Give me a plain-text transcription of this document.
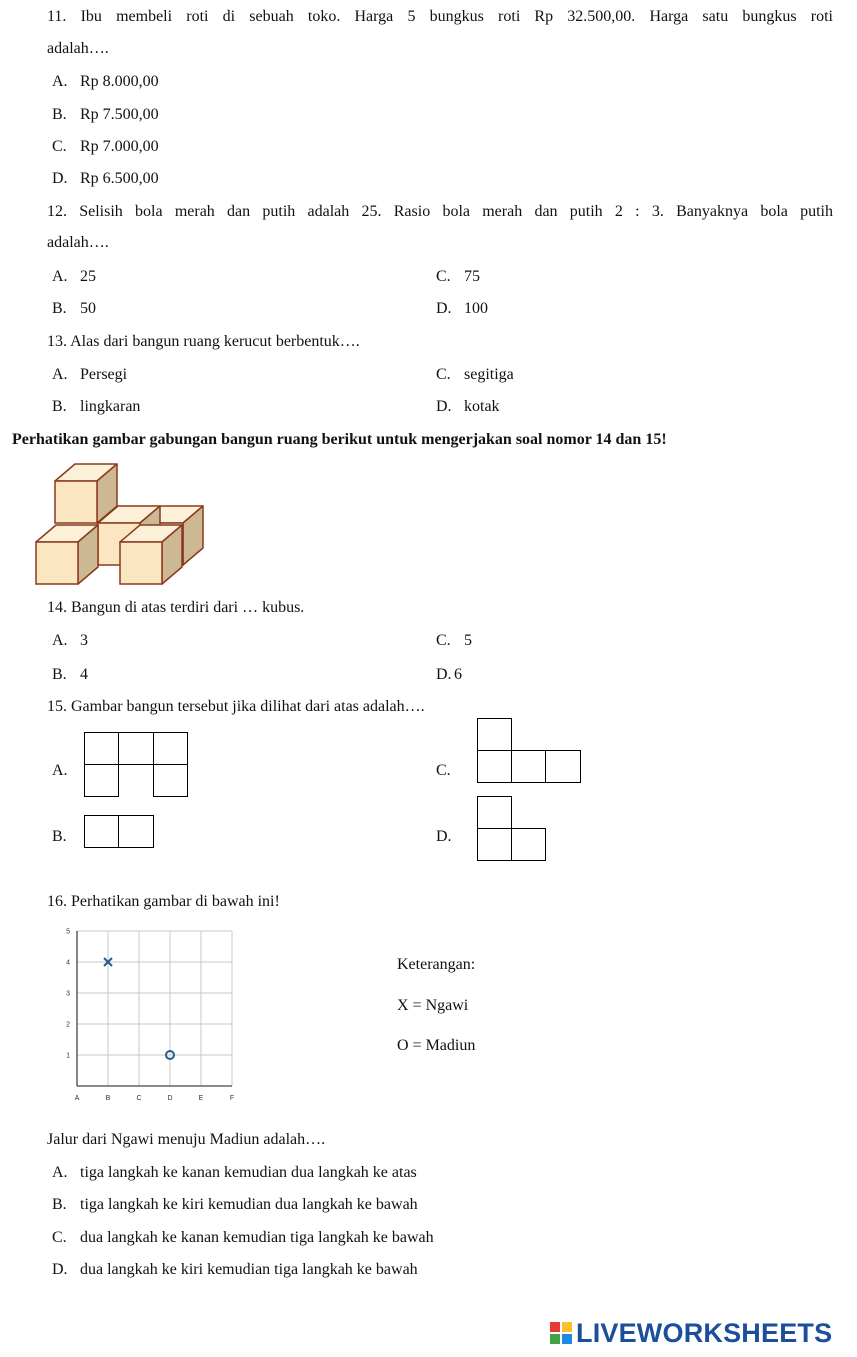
11. Ibu membeli roti di sebuah toko. Harga 5 bungkus roti Rp 32.500,00. Harga satu bungkus roti
adalah….
A. Rp 8.000,00
B. Rp 7.500,00
C. Rp 7.000,00
D. Rp 6.500,00
12. Selisih bola merah dan putih adalah 25. Rasio bola merah dan putih 2 : 3. Banyaknya bola putih
adalah….
A. 25
B. 50
C. 75
D. 100
13. Alas dari bangun ruang kerucut berbentuk….
A. Persegi
B. lingkaran
C. segitiga
D. kotak
Perhatikan gambar gabungan bangun ruang berikut untuk mengerjakan soal nomor 14 dan 15!
14. Bangun di atas terdiri dari … kubus.
A. 3
B. 4
C. 5
D. 6
15. Gambar bangun tersebut jika dilihat dari atas adalah….
A.
B.
C.
D.
16. Perhatikan gambar di bawah ini!
A	B	C	D	E	F
1
2
3
4
5
Keterangan:
X = Ngawi
O = Madiun
Jalur dari Ngawi menuju Madiun adalah….
A. tiga langkah ke kanan kemudian dua langkah ke atas
B. tiga langkah ke kiri kemudian dua langkah ke bawah
C. dua langkah ke kanan kemudian tiga langkah ke bawah
D. dua langkah ke kiri kemudian tiga langkah ke bawah
LIVEWORKSHEETS
